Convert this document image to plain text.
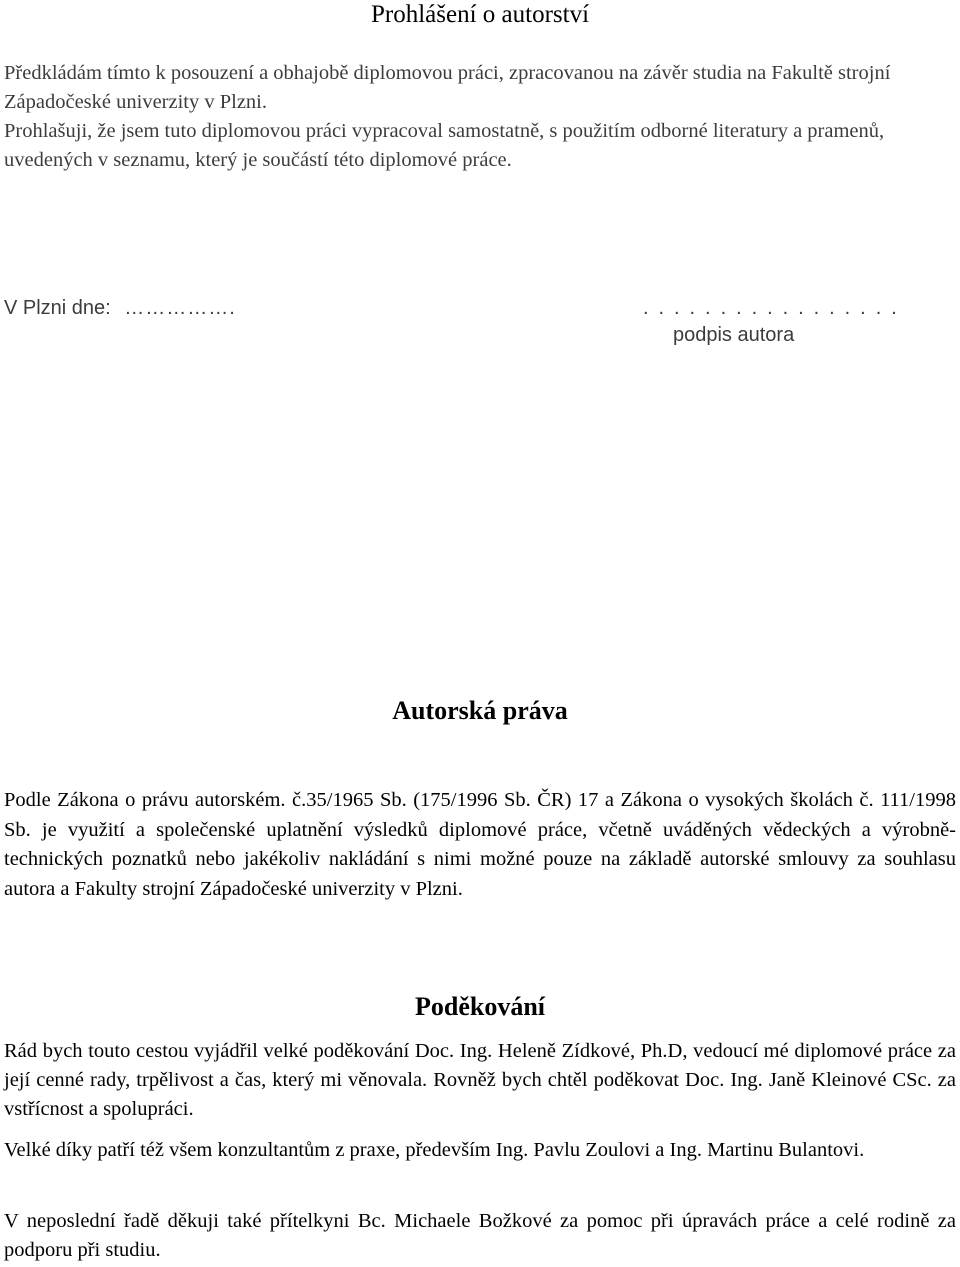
Prohlášení o autorství

Předkládám tímto k posouzení a obhajobě diplomovou práci, zpracovanou na závěr studia na Fakultě strojní Západočeské univerzity v Plzni.

Prohlašuji, že jsem tuto diplomovou práci vypracoval samostatně, s použitím odborné literatury a pramenů, uvedených v seznamu, který je součástí této diplomové práce.

V Plzni dne: …………….	. . . . . . . . . . . . . . . . .
podpis autora
Autorská práva

Podle Zákona o právu autorském. č.35/1965 Sb. (175/1996 Sb. ČR) 17 a Zákona o vysokých školách č. 111/1998 Sb. je využití a společenské uplatnění výsledků diplomové práce, včetně uváděných vědeckých a výrobně-technických poznatků nebo jakékoliv nakládání s nimi možné pouze na základě autorské smlouvy za souhlasu autora a Fakulty strojní Západočeské univerzity v Plzni.

Poděkování

Rád bych touto cestou vyjádřil velké poděkování Doc. Ing. Heleně Zídkové, Ph.D, vedoucí mé diplomové práce za její cenné rady, trpělivost a čas, který mi věnovala. Rovněž bych chtěl poděkovat Doc. Ing. Janě Kleinové CSc. za vstřícnost a spolupráci.

Velké díky patří též všem konzultantům z praxe, především Ing. Pavlu Zoulovi a Ing. Martinu Bulantovi.

V neposlední řadě děkuji také přítelkyni Bc. Michaele Božkové za pomoc při úpravách práce a celé rodině za podporu při studiu.
